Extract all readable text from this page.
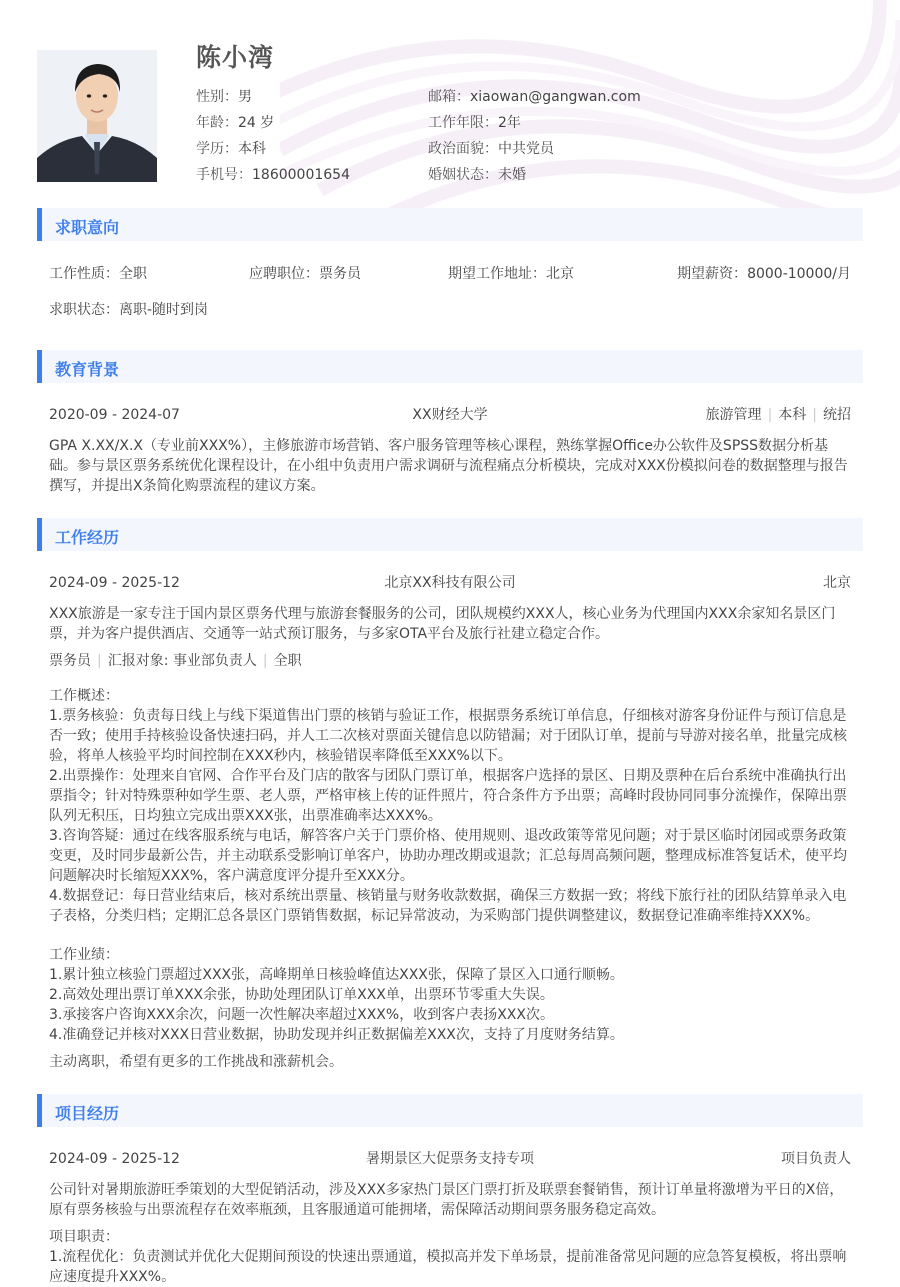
陈小湾
性别：男	邮箱：xiaowan@gangwan.com
年龄：24 岁	工作年限：2年
学历：本科	政治面貌：中共党员
手机号：18600001654	婚姻状态：未婚
求职意向
工作性质：全职	应聘职位：票务员	期望工作地址：北京	期望薪资：8000-10000/月
求职状态：离职-随时到岗
教育背景
2020-09 - 2024-07	XX财经大学	旅游管理 | 本科 | 统招
GPA X.XX/X.X（专业前XXX%），主修旅游市场营销、客户服务管理等核心课程，熟练掌握Office办公软件及SPSS数据分析基础。参与景区票务系统优化课程设计，在小组中负责用户需求调研与流程痛点分析模块，完成对XXX份模拟问卷的数据整理与报告撰写，并提出X条简化购票流程的建议方案。
工作经历
2024-09 - 2025-12	北京XX科技有限公司	北京
XXX旅游是一家专注于国内景区票务代理与旅游套餐服务的公司，团队规模约XXX人，核心业务为代理国内XXX余家知名景区门票，并为客户提供酒店、交通等一站式预订服务，与多家OTA平台及旅行社建立稳定合作。
票务员 | 汇报对象: 事业部负责人 | 全职
工作概述：
1.票务核验：负责每日线上与线下渠道售出门票的核销与验证工作，根据票务系统订单信息，仔细核对游客身份证件与预订信息是否一致；使用手持核验设备快速扫码，并人工二次核对票面关键信息以防错漏；对于团队订单，提前与导游对接名单，批量完成核验，将单人核验平均时间控制在XXX秒内，核验错误率降低至XXX%以下。
2.出票操作：处理来自官网、合作平台及门店的散客与团队门票订单，根据客户选择的景区、日期及票种在后台系统中准确执行出票指令；针对特殊票种如学生票、老人票，严格审核上传的证件照片，符合条件方予出票；高峰时段协同同事分流操作，保障出票队列无积压，日均独立完成出票XXX张，出票准确率达XXX%。
3.咨询答疑：通过在线客服系统与电话，解答客户关于门票价格、使用规则、退改政策等常见问题；对于景区临时闭园或票务政策变更，及时同步最新公告，并主动联系受影响订单客户，协助办理改期或退款；汇总每周高频问题，整理成标准答复话术，使平均问题解决时长缩短XXX%，客户满意度评分提升至XXX分。
4.数据登记：每日营业结束后，核对系统出票量、核销量与财务收款数据，确保三方数据一致；将线下旅行社的团队结算单录入电子表格，分类归档；定期汇总各景区门票销售数据，标记异常波动，为采购部门提供调整建议，数据登记准确率维持XXX%。
工作业绩：
1.累计独立核验门票超过XXX张，高峰期单日核验峰值达XXX张，保障了景区入口通行顺畅。
2.高效处理出票订单XXX余张，协助处理团队订单XXX单，出票环节零重大失误。
3.承接客户咨询XXX余次，问题一次性解决率超过XXX%，收到客户表扬XXX次。
4.准确登记并核对XXX日营业数据，协助发现并纠正数据偏差XXX次，支持了月度财务结算。
主动离职，希望有更多的工作挑战和涨薪机会。
项目经历
2024-09 - 2025-12	暑期景区大促票务支持专项	项目负责人
公司针对暑期旅游旺季策划的大型促销活动，涉及XXX多家热门景区门票打折及联票套餐销售，预计订单量将激增为平日的X倍，原有票务核验与出票流程存在效率瓶颈，且客服通道可能拥堵，需保障活动期间票务服务稳定高效。
项目职责：
1.流程优化：负责测试并优化大促期间预设的快速出票通道，模拟高并发下单场景，提前准备常见问题的应急答复模板，将出票响应速度提升XXX%。
